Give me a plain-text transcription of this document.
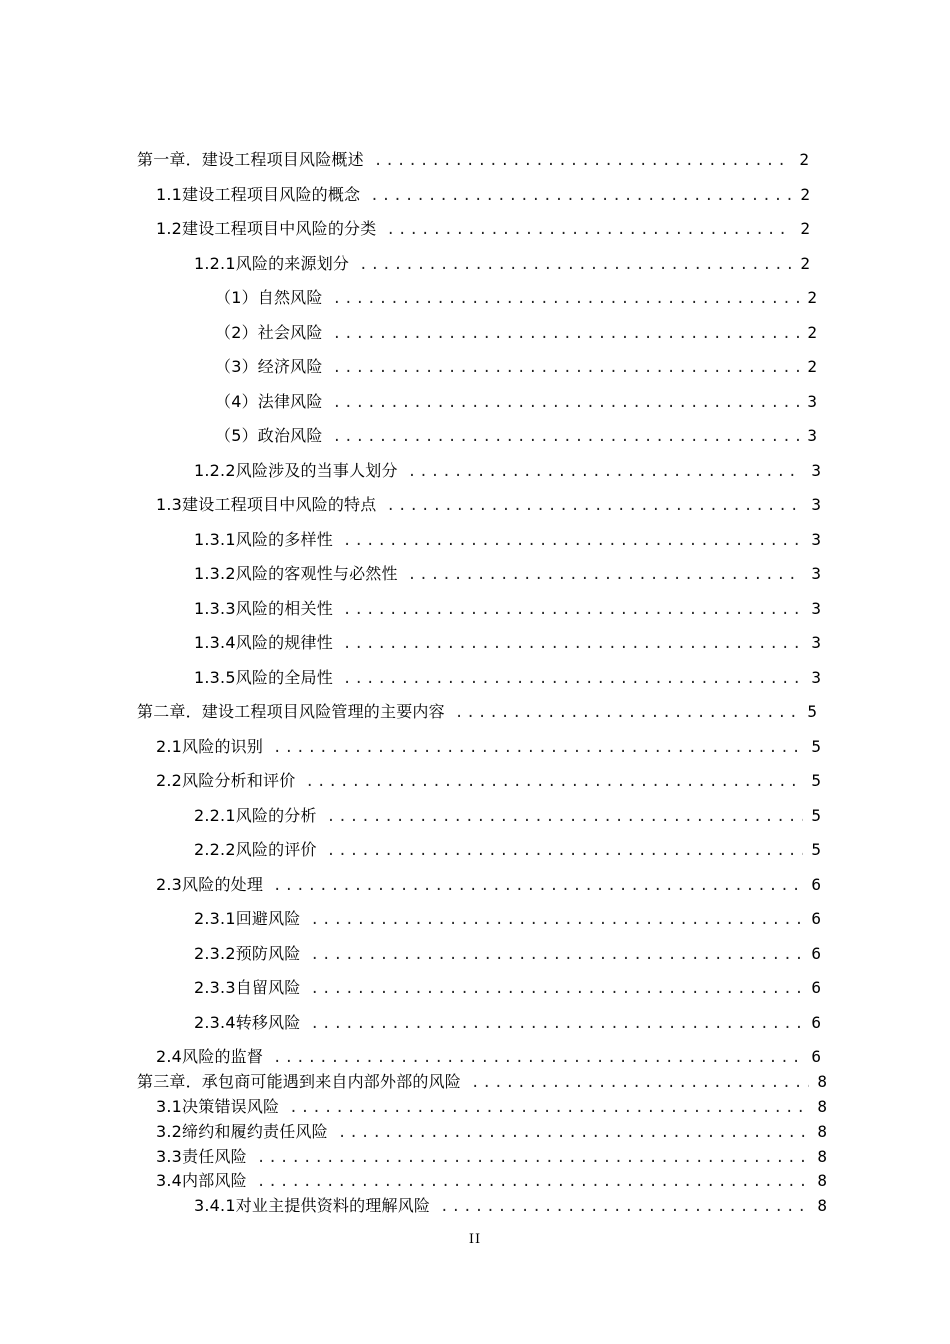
第一章．建设工程项目风险概述 .....	2
1.1建设工程项目风险的概念 .....	2
1.2建设工程项目中风险的分类 .....	2
1.2.1风险的来源划分 .....	2
（1）自然风险 .....	2
（2）社会风险 .....	2
（3）经济风险 .....	2
（4）法律风险 .....	3
（5）政治风险 .....	3
1.2.2风险涉及的当事人划分 .....	3
1.3建设工程项目中风险的特点 .....	3
1.3.1风险的多样性 .....	3
1.3.2风险的客观性与必然性 .....	3
1.3.3风险的相关性 .....	3
1.3.4风险的规律性 .....	3
1.3.5风险的全局性 .....	3
第二章．建设工程项目风险管理的主要内容 .....	5
2.1风险的识别 .....	5
2.2风险分析和评价 .....	5
2.2.1风险的分析 .....	5
2.2.2风险的评价 .....	5
2.3风险的处理 .....	6
2.3.1回避风险 .....	6
2.3.2预防风险 .....	6
2.3.3自留风险 .....	6
2.3.4转移风险 .....	6
2.4风险的监督 .....	6
第三章．承包商可能遇到来自内部外部的风险 .....	8
3.1决策错误风险 .....	8
3.2缔约和履约责任风险 .....	8
3.3责任风险 .....	8
3.4内部风险 .....	8
3.4.1对业主提供资料的理解风险 .....	8
II
